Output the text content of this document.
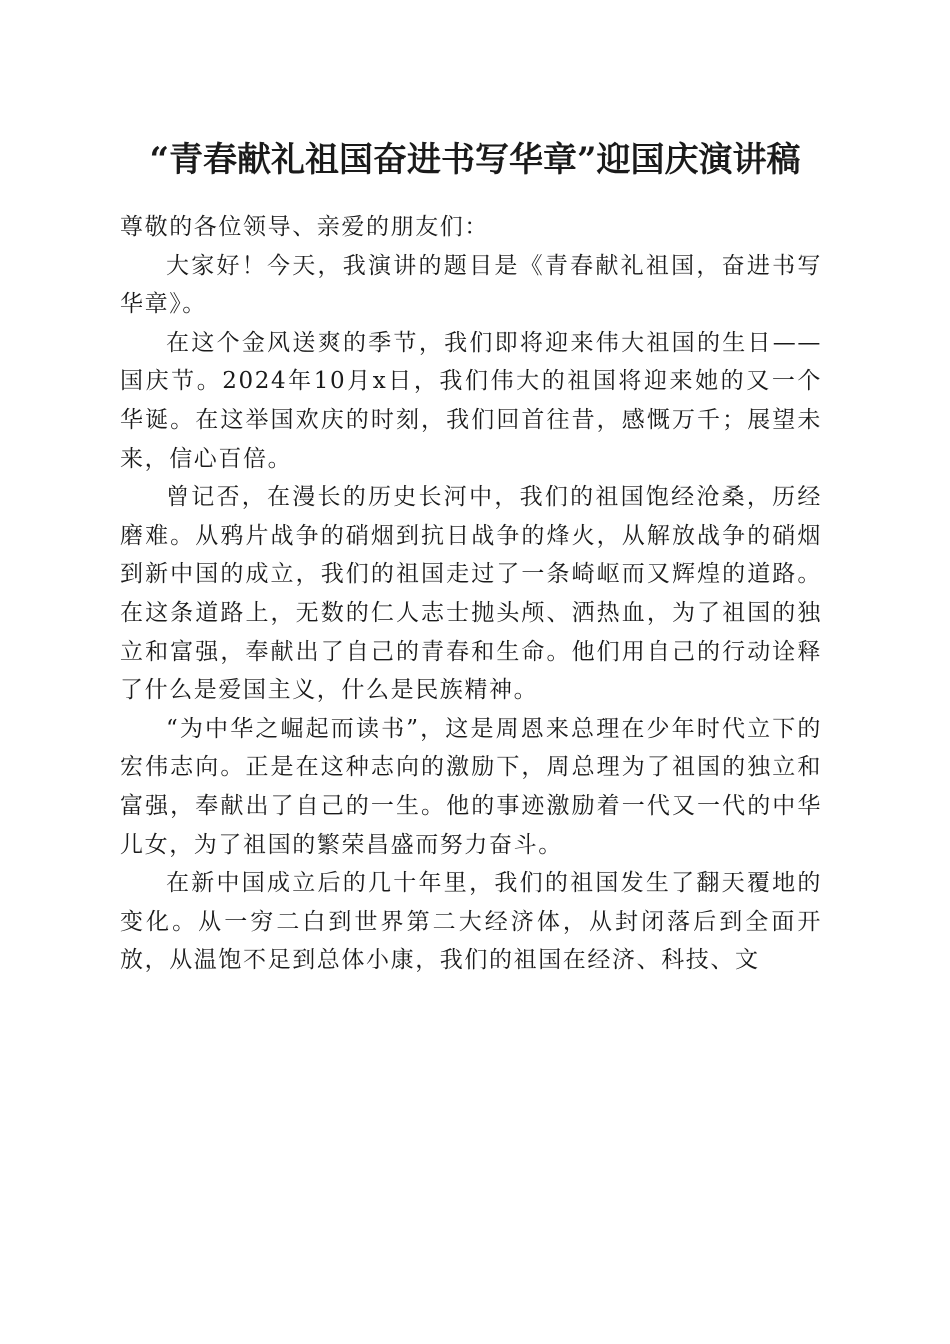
“青春献礼祖国奋进书写华章”迎国庆演讲稿

尊敬的各位领导、亲爱的朋友们：

大家好！今天，我演讲的题目是《青春献礼祖国，奋进书写华章》。

在这个金风送爽的季节，我们即将迎来伟大祖国的生日——国庆节。2024年10月x日，我们伟大的祖国将迎来她的又一个华诞。在这举国欢庆的时刻，我们回首往昔，感慨万千；展望未来，信心百倍。

曾记否，在漫长的历史长河中，我们的祖国饱经沧桑，历经磨难。从鸦片战争的硝烟到抗日战争的烽火，从解放战争的硝烟到新中国的成立，我们的祖国走过了一条崎岖而又辉煌的道路。在这条道路上，无数的仁人志士抛头颅、洒热血，为了祖国的独立和富强，奉献出了自己的青春和生命。他们用自己的行动诠释了什么是爱国主义，什么是民族精神。

“为中华之崛起而读书”，这是周恩来总理在少年时代立下的宏伟志向。正是在这种志向的激励下，周总理为了祖国的独立和富强，奉献出了自己的一生。他的事迹激励着一代又一代的中华儿女，为了祖国的繁荣昌盛而努力奋斗。

在新中国成立后的几十年里，我们的祖国发生了翻天覆地的变化。从一穷二白到世界第二大经济体，从封闭落后到全面开放，从温饱不足到总体小康，我们的祖国在经济、科技、文
